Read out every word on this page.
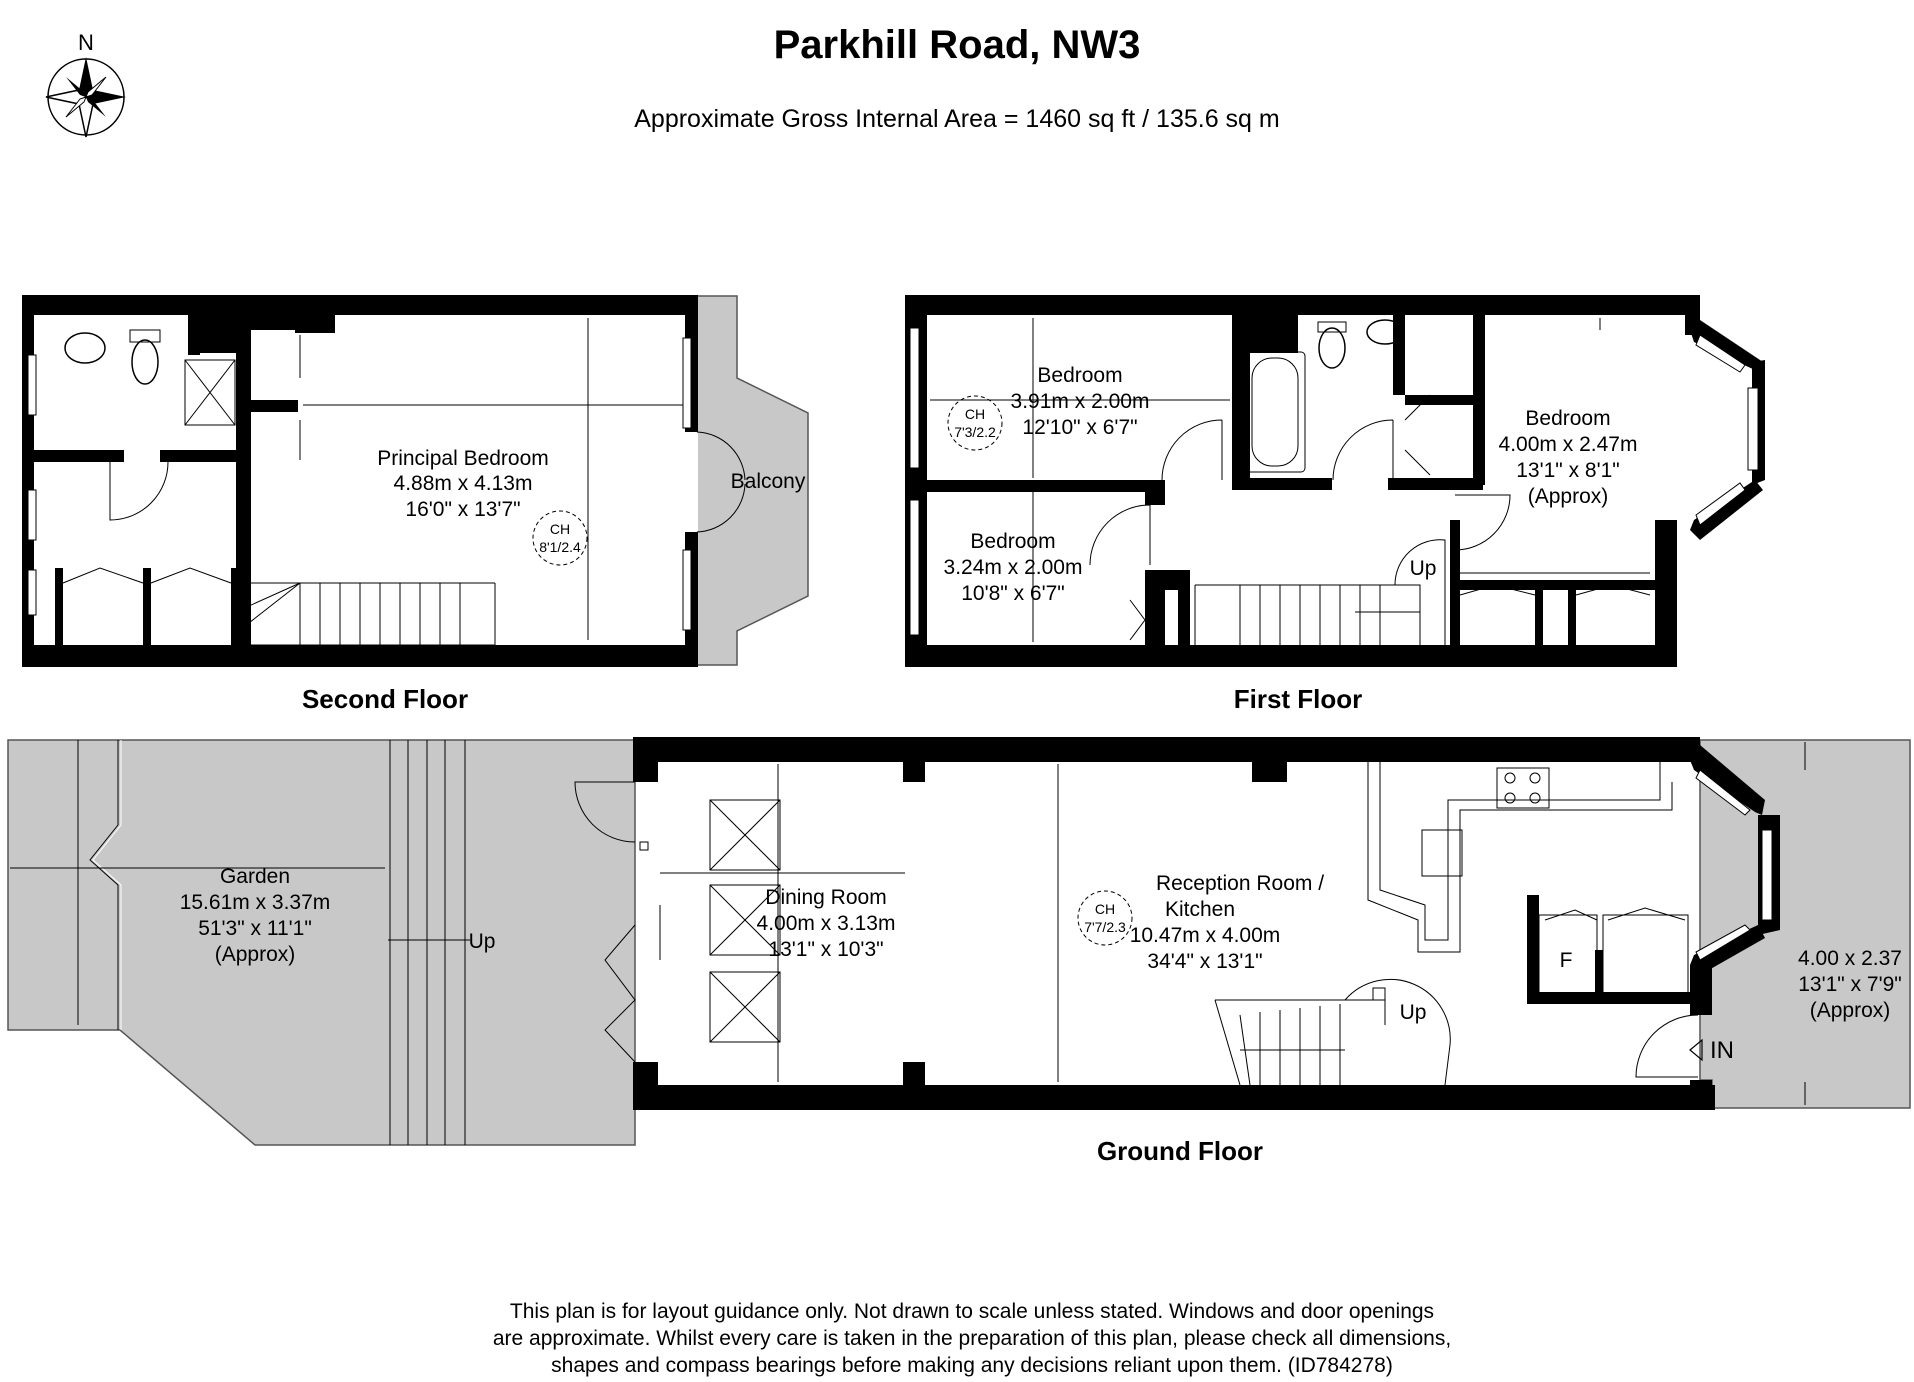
Parkhill Road, NW3
Approximate Gross Internal Area = 1460 sq ft / 135.6 sq m
N
CH
8'1/2.4
Principal Bedroom
4.88m x 4.13m
16'0" x 13'7"
Balcony
Second Floor
CH
7'3/2.2
Bedroom
3.91m x 2.00m
12'10" x 6'7"
Bedroom
3.24m x 2.00m
10'8" x 6'7"
Bedroom
4.00m x 2.47m
13'1" x 8'1"
(Approx)
Up
First Floor
CH
7'7/2.3
Garden
15.61m x 3.37m
51'3" x 11'1"
(Approx)
Up
Dining Room
4.00m x 3.13m
13'1" x 10'3"
Reception Room /
Kitchen
10.47m x 4.00m
34'4" x 13'1"
Up
F
IN
4.00 x 2.37
13'1" x 7'9"
(Approx)
Ground Floor
This plan is for layout guidance only. Not drawn to scale unless stated. Windows and door openings
are approximate. Whilst every care is taken in the preparation of this plan, please check all dimensions,
shapes and compass bearings before making any decisions reliant upon them. (ID784278)
